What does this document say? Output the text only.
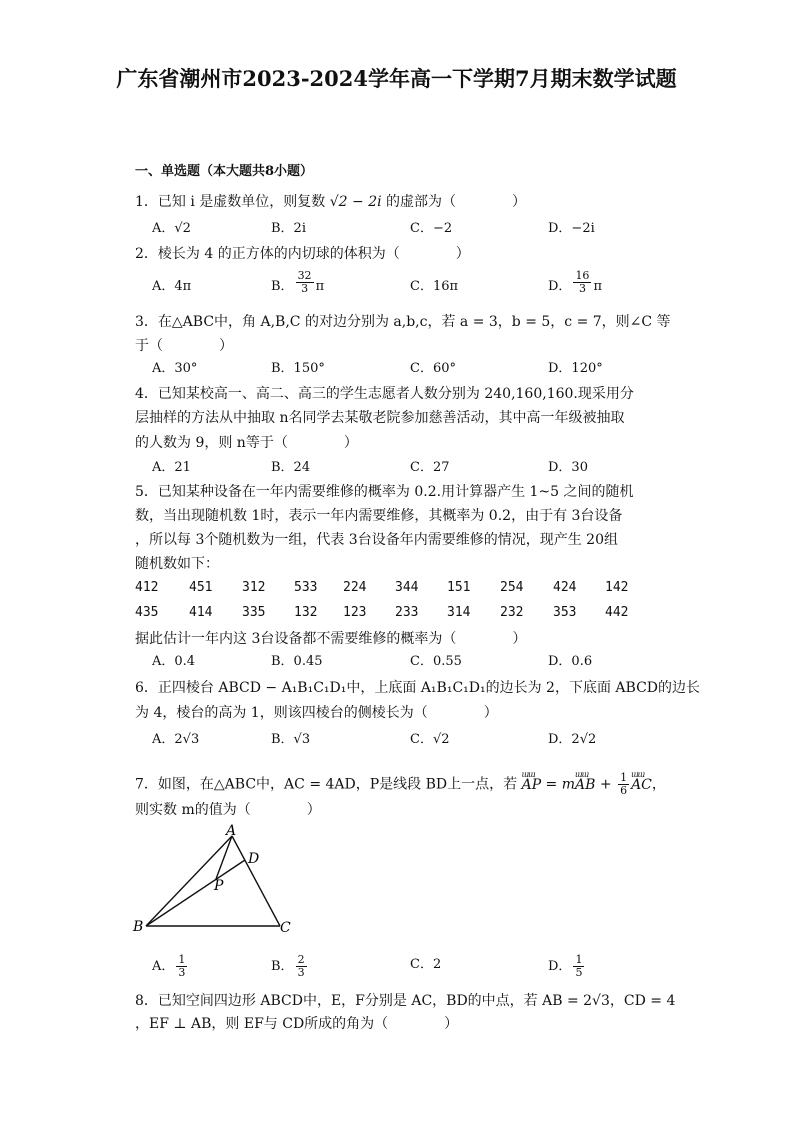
广东省潮州市2023-2024学年高一下学期7月期末数学试题
一、单选题（本大题共8小题）
1．已知 i 是虚数单位，则复数 √2 − 2i 的虚部为（　　　　）
A．√2	B．2i	C．−2	D．−2i
2．棱长为 4 的正方体的内切球的体积为（　　　　）
A．4π	B． $\frac{32}{3}$ π	C．16π	D． $\frac{16}{3}$ π
3．在△ABC中，角 A,B,C 的对边分别为 a,b,c，若 a = 3，b = 5，c = 7，则∠C 等
于（　　　　）
A．30°	B．150°	C．60°	D．120°
4．已知某校高一、高二、高三的学生志愿者人数分别为 240,160,160.现采用分
层抽样的方法从中抽取 n名同学去某敬老院参加慈善活动，其中高一年级被抽取
的人数为 9，则 n等于（　　　　）
A．21	B．24	C．27	D．30
5．已知某种设备在一年内需要维修的概率为 0.2.用计算器产生 1~5 之间的随机
数，当出现随机数 1时，表示一年内需要维修，其概率为 0.2，由于有 3台设备
，所以每 3个随机数为一组，代表 3台设备年内需要维修的情况，现产生 20组
随机数如下：
412 451 312 533 224 344 151 254 424 142
435 414 335 132 123 233 314 232 353 442
据此估计一年内这 3台设备都不需要维修的概率为（　　　　）
A．0.4	B．0.45	C．0.55	D．0.6
6．正四棱台 ABCD − A₁B₁C₁D₁中，上底面 A₁B₁C₁D₁的边长为 2，下底面 ABCD的边长
为 4，棱台的高为 1，则该四棱台的侧棱长为（　　　　）
A．2√3	B．√3	C．√2	D．2√2
7．如图，在△ABC中，AC = 4AD，P是线段 BD上一点，若
ɯɯ
AP = m
ɯɯ
AB + $\frac{1}{6}$ ɯɯ
AC，
则实数 m的值为（　　　　）
A
D
P
B	C
A． $\frac{1}{3}$	B． $\frac{2}{3}$	C．2	D． $\frac{1}{5}$
8．已知空间四边形 ABCD中，E，F分别是 AC，BD的中点，若 AB = 2√3，CD = 4
，EF ⊥ AB，则 EF与 CD所成的角为（　　　　）
